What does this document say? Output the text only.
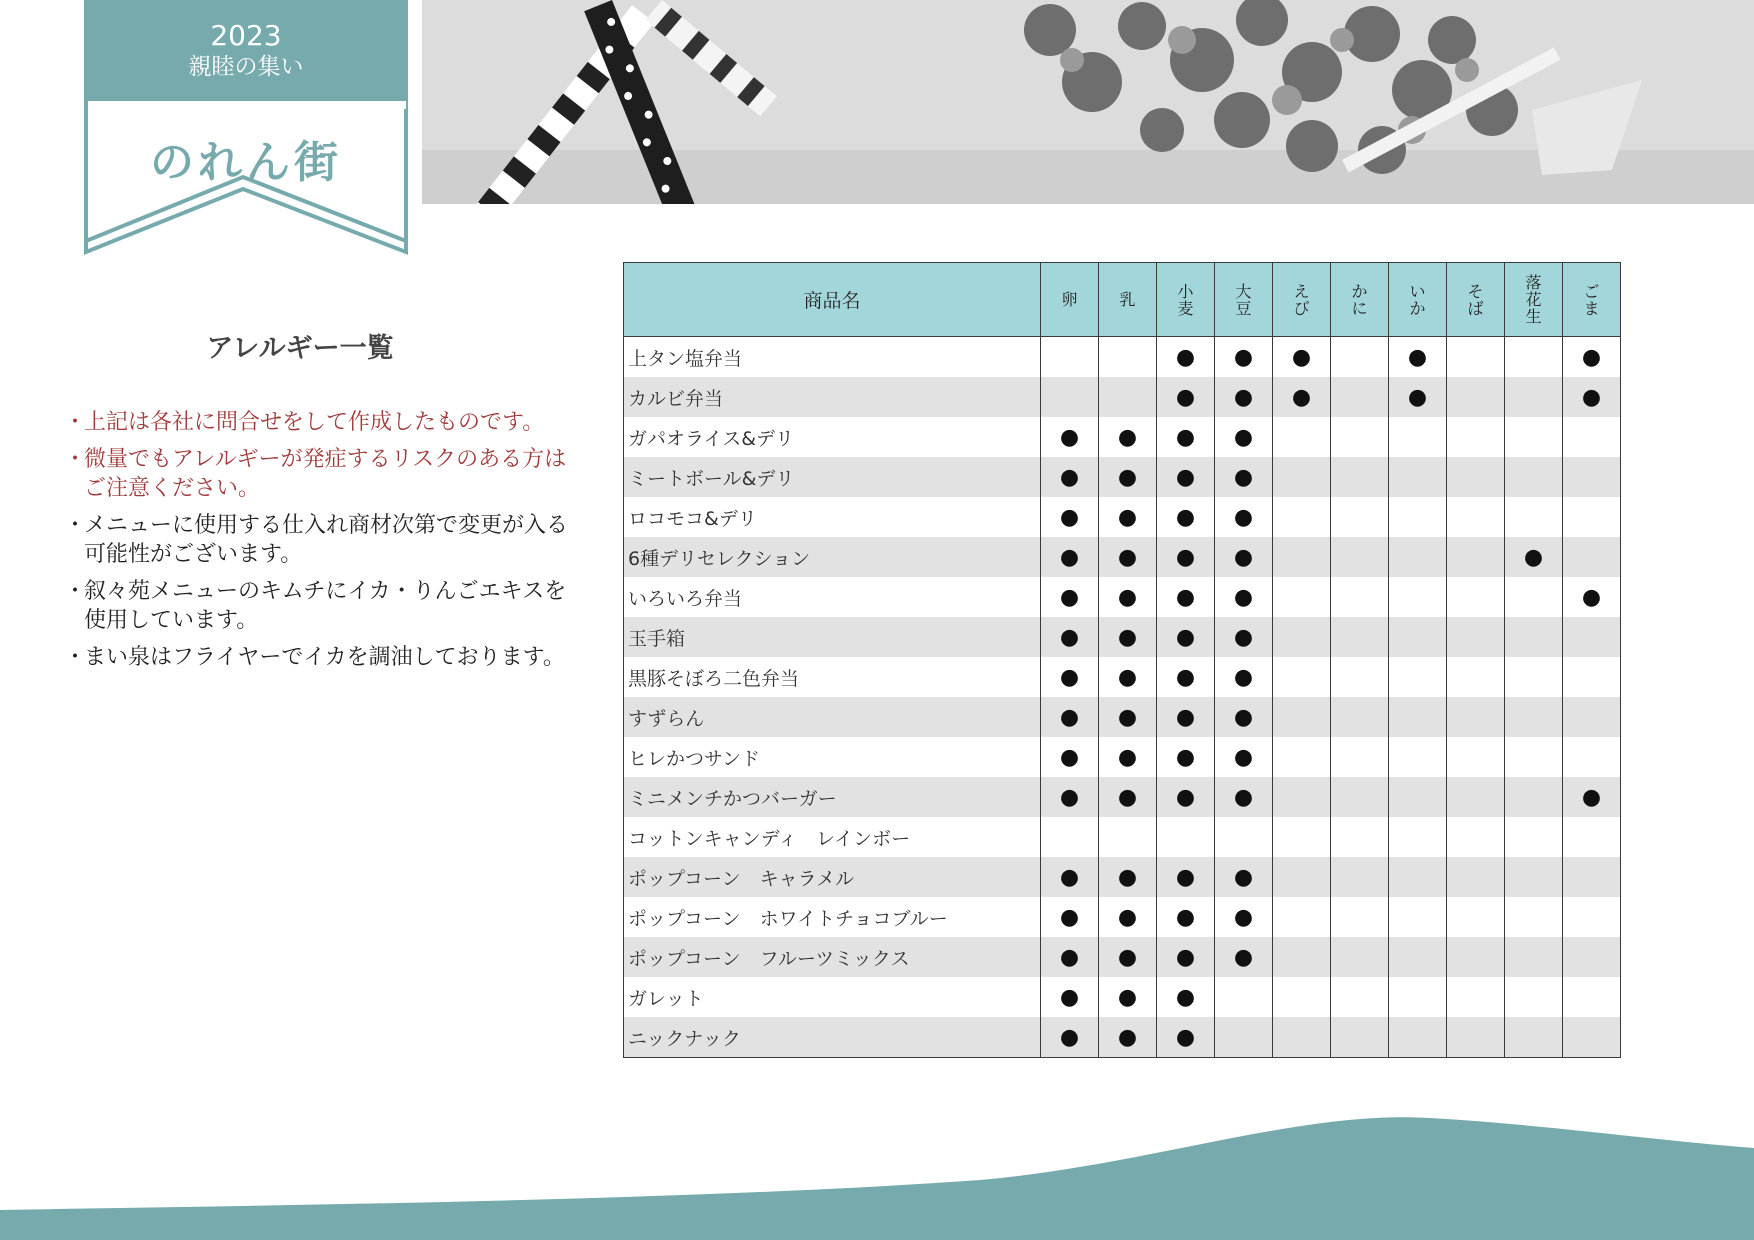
2023
親睦の集い
のれん街
アレルギー一覧
・
上記は各社に問合せをして作成したものです。
・
微量でもアレルギーが発症するリスクのある方はご注意ください。
・
メニューに使用する仕入れ商材次第で変更が入る可能性がございます。
・
叙々苑メニューのキムチにイカ・りんごエキスを使用しています。
・
まい泉はフライヤーでイカを調油しております。
商品名	卵	乳	小麦	大豆	えび	かに	いか	そば	落花生	ごま
上タン塩弁当			●	●	●		●			●
カルビ弁当			●	●	●		●			●
ガパオライス&デリ	●	●	●	●						
ミートボール&デリ	●	●	●	●						
ロコモコ&デリ	●	●	●	●						
6種デリセレクション	●	●	●	●					●	
いろいろ弁当	●	●	●	●						●
玉手箱	●	●	●	●						
黒豚そぼろ二色弁当	●	●	●	●						
すずらん	●	●	●	●						
ヒレかつサンド	●	●	●	●						
ミニメンチかつバーガー	●	●	●	●						●
コットンキャンディ　レインボー										
ポップコーン　キャラメル	●	●	●	●						
ポップコーン　ホワイトチョコブルー	●	●	●	●						
ポップコーン　フルーツミックス	●	●	●	●						
ガレット	●	●	●							
ニックナック	●	●	●							
